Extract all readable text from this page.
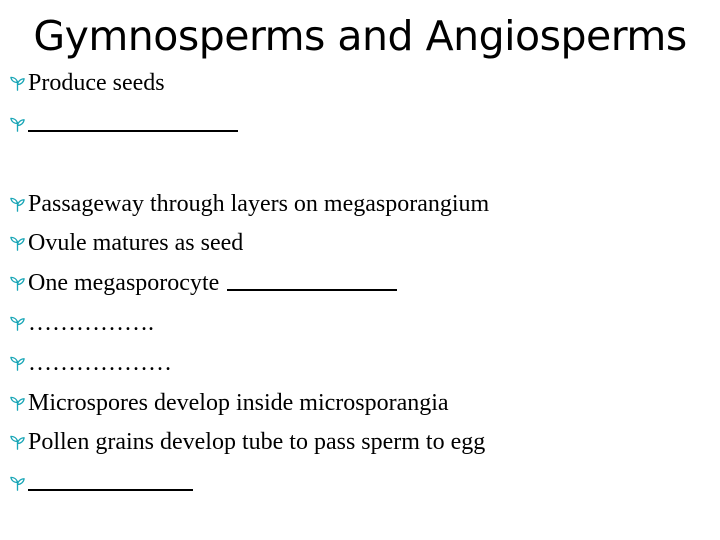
Gymnosperms and Angiosperms
Produce seeds
Passageway through layers on megasporangium
Ovule matures as seed
One megasporocyte
…………….
………………
Microspores develop inside microsporangia
Pollen grains develop tube to pass sperm to egg
